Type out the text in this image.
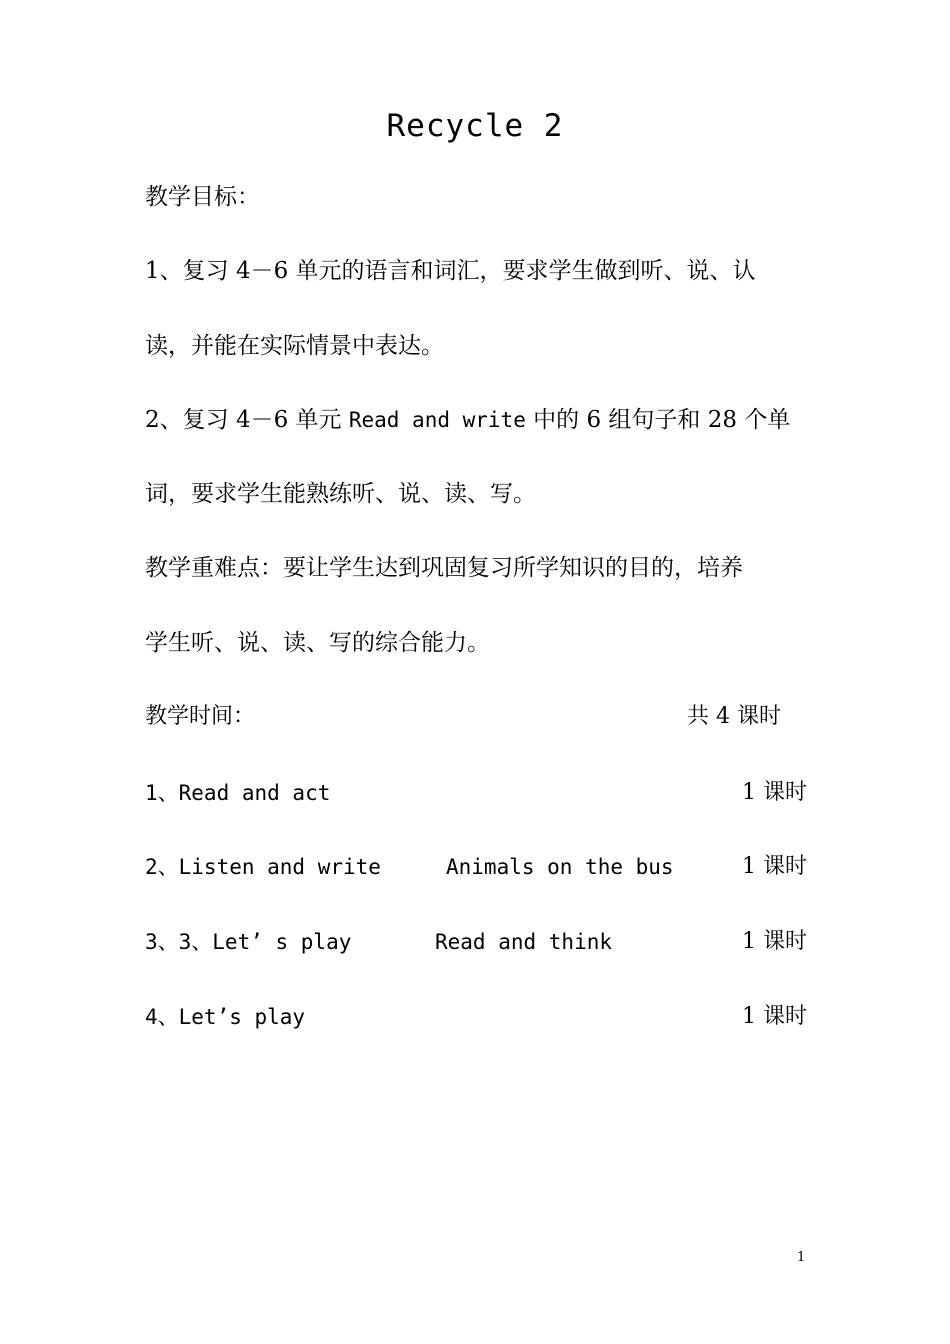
Recycle 2
教学目标：
1、复习 4－6 单元的语言和词汇，要求学生做到听、说、认
读，并能在实际情景中表达。
2、复习 4－6 单元 Read and write 中的 6 组句子和 28 个单
词，要求学生能熟练听、说、读、写。
教学重难点：要让学生达到巩固复习所学知识的目的，培养
学生听、说、读、写的综合能力。
教学时间：	共 4 课时
1、Read and act	1 课时
2、Listen and write	Animals on the bus	1 课时
3、3、Let’ s play	Read and think	1 课时
4、Let’s play	1 课时
1
